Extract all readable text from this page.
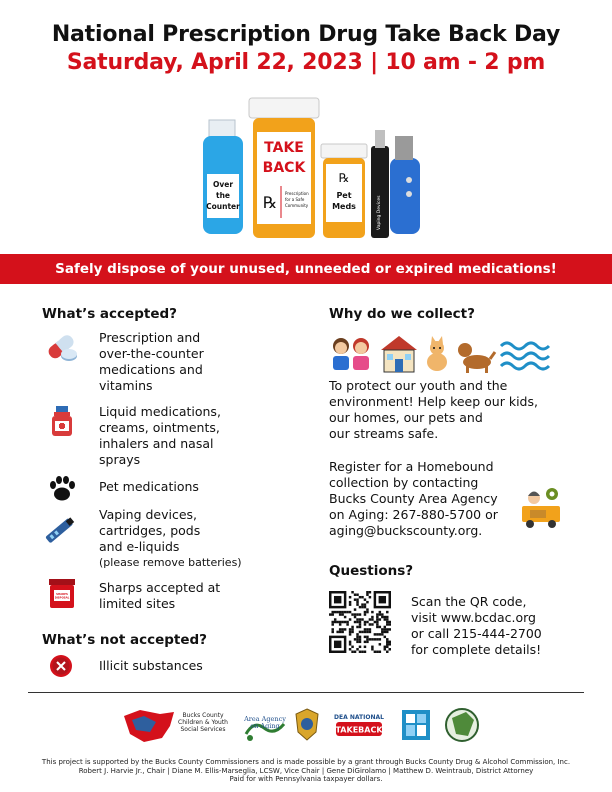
National Prescription Drug Take Back Day
Saturday, April 22, 2023 | 10 am - 2 pm
Over
the
Counter
TAKE
BACK
℞ Prescription
for a Safe
Community
℞
Pet
Meds	Vaping Devices
Safely dispose of your unused, unneeded or expired medications!
What’s accepted?
Prescription and
over-the-counter
medications and
vitamins
Liquid medications,
creams, ointments,
inhalers and nasal
sprays
Pet medications
Vaping devices,
cartridges, pods
and e-liquids
(please remove batteries)
SHARPS
DISPOSAL
Sharps accepted at
limited sites
What’s not accepted?
Illicit substances
Why do we collect?
To protect our youth and the
environment! Help keep our kids,
our homes, our pets and
our streams safe.
Register for a Homebound
collection by contacting
Bucks County Area Agency
on Aging: 267-880-5700 or
aging@buckscounty.org.
Questions?
Scan the QR code,
visit www.bcdac.org
or call 215-444-2700
for complete details!
Bucks County Children & Youth Social Services
Area Agency on Aging
DEA NATIONAL
TAKEBACK
This project is supported by the Bucks County Commissioners and is made possible by a grant through Bucks County Drug & Alcohol Commission, Inc.
Robert J. Harvie Jr., Chair | Diane M. Ellis-Marseglia, LCSW, Vice Chair | Gene DiGirolamo | Matthew D. Weintraub, District Attorney
Paid for with Pennsylvania taxpayer dollars.
